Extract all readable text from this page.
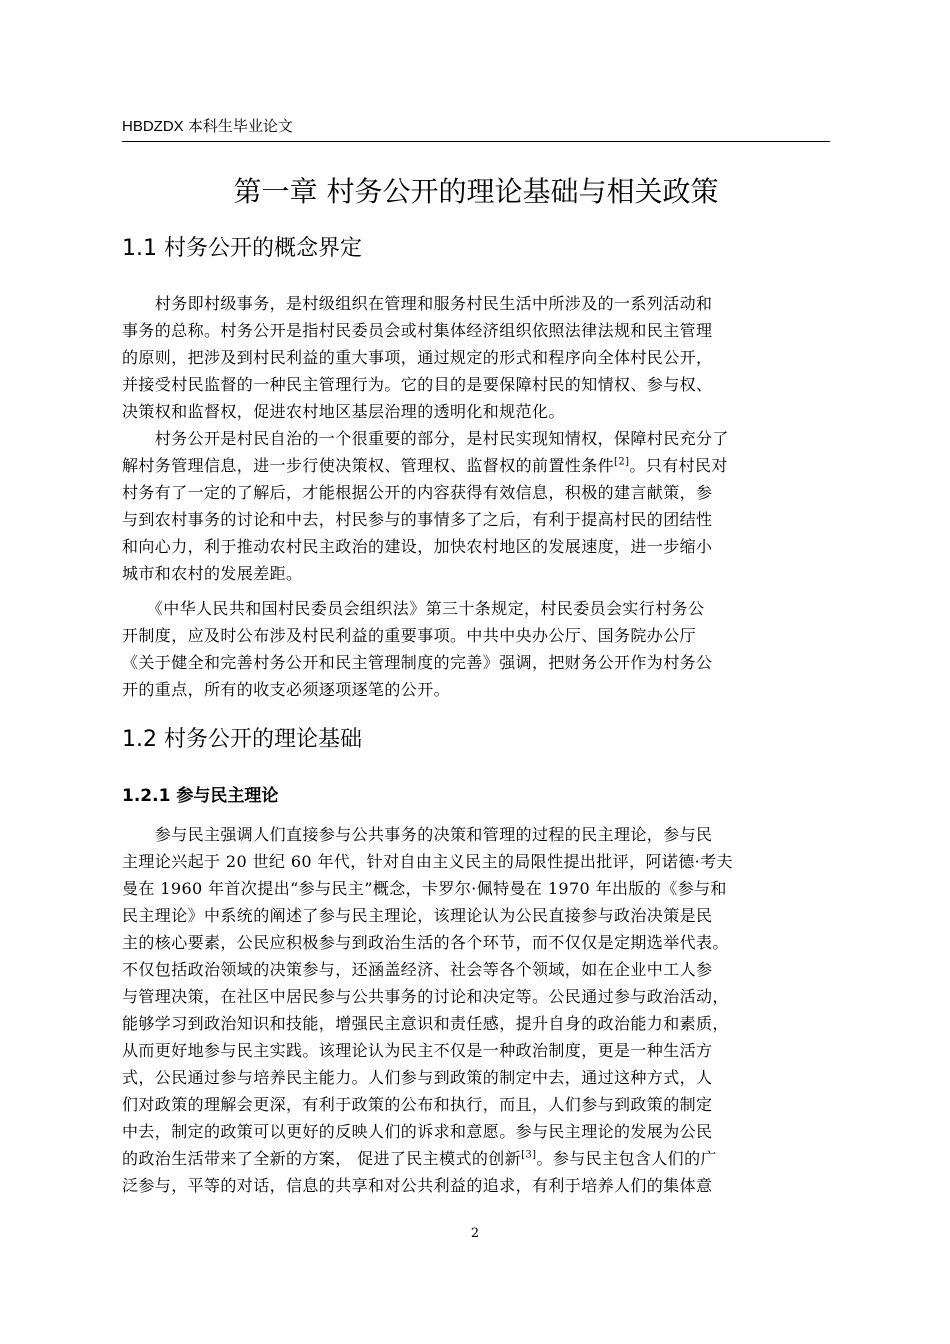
HBDZDX 本科生毕业论文
第一章 村务公开的理论基础与相关政策
1.1 村务公开的概念界定
　　村务即村级事务，是村级组织在管理和服务村民生活中所涉及的一系列活动和
事务的总称。村务公开是指村民委员会或村集体经济组织依照法律法规和民主管理
的原则，把涉及到村民利益的重大事项，通过规定的形式和程序向全体村民公开，
并接受村民监督的一种民主管理行为。它的目的是要保障村民的知情权、参与权、
决策权和监督权，促进农村地区基层治理的透明化和规范化。
　　村务公开是村民自治的一个很重要的部分，是村民实现知情权，保障村民充分了
解村务管理信息，进一步行使决策权、管理权、监督权的前置性条件[2]。只有村民对
村务有了一定的了解后，才能根据公开的内容获得有效信息，积极的建言献策，参
与到农村事务的讨论和中去，村民参与的事情多了之后，有利于提高村民的团结性
和向心力，利于推动农村民主政治的建设，加快农村地区的发展速度，进一步缩小
城市和农村的发展差距。
　　《中华人民共和国村民委员会组织法》第三十条规定，村民委员会实行村务公
开制度，应及时公布涉及村民利益的重要事项。中共中央办公厅、国务院办公厅
《关于健全和完善村务公开和民主管理制度的完善》强调，把财务公开作为村务公
开的重点，所有的收支必须逐项逐笔的公开。
1.2 村务公开的理论基础
1.2.1 参与民主理论
　　参与民主强调人们直接参与公共事务的决策和管理的过程的民主理论，参与民
主理论兴起于 20 世纪 60 年代，针对自由主义民主的局限性提出批评，阿诺德·考夫
曼在 1960 年首次提出“参与民主”概念，卡罗尔·佩特曼在 1970 年出版的《参与和
民主理论》中系统的阐述了参与民主理论，该理论认为公民直接参与政治决策是民
主的核心要素，公民应积极参与到政治生活的各个环节，而不仅仅是定期选举代表。
不仅包括政治领域的决策参与，还涵盖经济、社会等各个领域，如在企业中工人参
与管理决策，在社区中居民参与公共事务的讨论和决定等。公民通过参与政治活动，
能够学习到政治知识和技能，增强民主意识和责任感，提升自身的政治能力和素质，
从而更好地参与民主实践。该理论认为民主不仅是一种政治制度，更是一种生活方
式，公民通过参与培养民主能力。人们参与到政策的制定中去，通过这种方式，人
们对政策的理解会更深，有利于政策的公布和执行，而且，人们参与到政策的制定
中去，制定的政策可以更好的反映人们的诉求和意愿。参与民主理论的发展为公民
的政治生活带来了全新的方案， 促进了民主模式的创新[3]。参与民主包含人们的广
泛参与，平等的对话，信息的共享和对公共利益的追求，有利于培养人们的集体意
2
